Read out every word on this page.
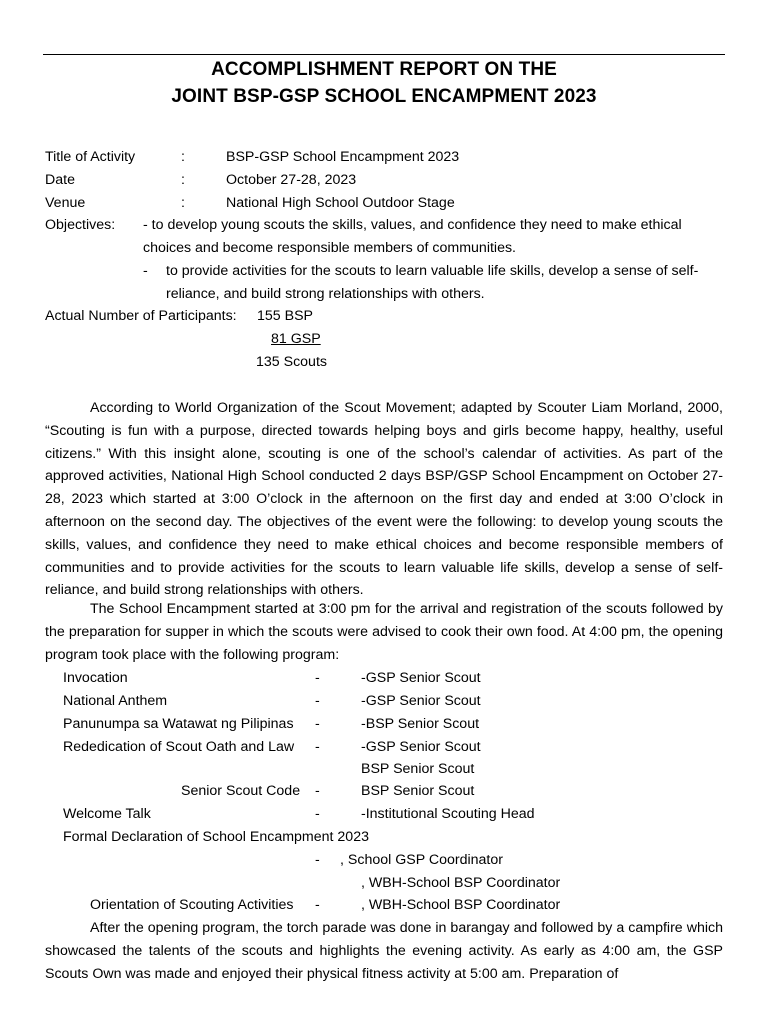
ACCOMPLISHMENT REPORT ON THE
JOINT BSP-GSP SCHOOL ENCAMPMENT 2023
Title of Activity	:	BSP-GSP School Encampment 2023
Date	:	October 27-28, 2023
Venue	:	National High School Outdoor Stage
Objectives: - to develop young scouts the skills, values, and confidence they need to make ethical
choices and become responsible members of communities.
- to provide activities for the scouts to learn valuable life skills, develop a sense of self-
reliance, and build strong relationships with others.
Actual Number of Participants: 155 BSP
81 GSP
135 Scouts

According to World Organization of the Scout Movement; adapted by Scouter Liam Morland, 2000, “Scouting is fun with a purpose, directed towards helping boys and girls become happy, healthy, useful citizens.” With this insight alone, scouting is one of the school’s calendar of activities. As part of the approved activities, National High School conducted 2 days BSP/GSP School Encampment on October 27-28, 2023 which started at 3:00 O’clock in the afternoon on the first day and ended at 3:00 O’clock in afternoon on the second day. The objectives of the event were the following: to develop young scouts the skills, values, and confidence they need to make ethical choices and become responsible members of communities and to provide activities for the scouts to learn valuable life skills, develop a sense of self-reliance, and build strong relationships with others.

The School Encampment started at 3:00 pm for the arrival and registration of the scouts followed by the preparation for supper in which the scouts were advised to cook their own food. At 4:00 pm, the opening program took place with the following program:

Invocation	-	-GSP Senior Scout
National Anthem	-	-GSP Senior Scout
Panunumpa sa Watawat ng Pilipinas -	-BSP Senior Scout
Rededication of Scout Oath and Law -	-GSP Senior Scout
BSP Senior Scout
Senior Scout Code -	BSP Senior Scout
Welcome Talk	-	-Institutional Scouting Head
Formal Declaration of School Encampment 2023
- , School GSP Coordinator
, WBH-School BSP Coordinator
Orientation of Scouting Activities -	, WBH-School BSP Coordinator

After the opening program, the torch parade was done in barangay and followed by a campfire which showcased the talents of the scouts and highlights the evening activity. As early as 4:00 am, the GSP Scouts Own was made and enjoyed their physical fitness activity at 5:00 am. Preparation of
